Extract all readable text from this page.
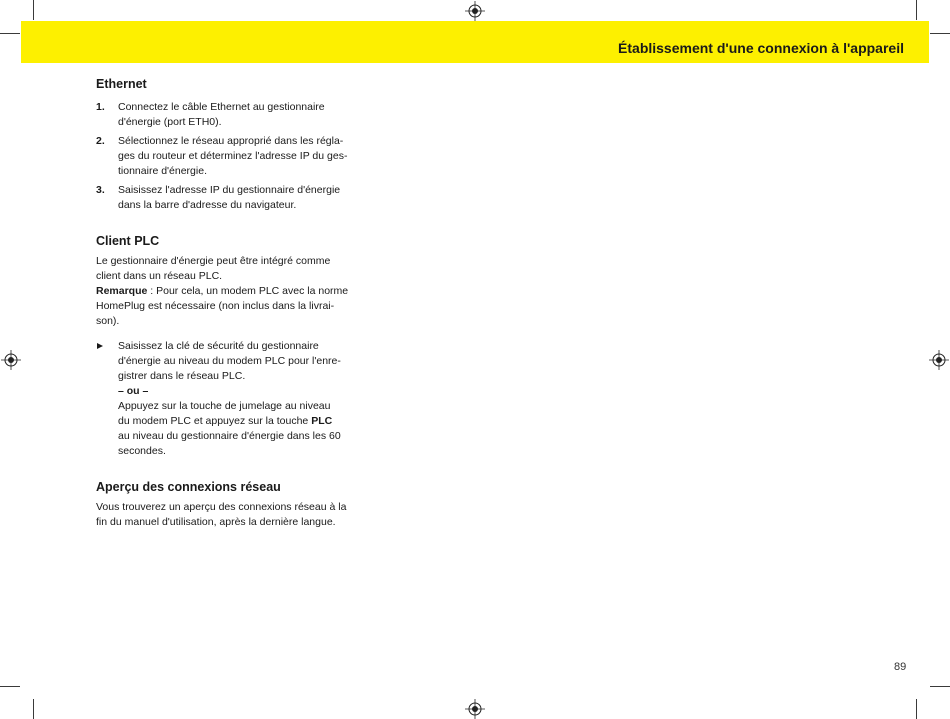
Établissement d'une connexion à l'appareil

Ethernet

1. Connectez le câble Ethernet au gestionnaire
d'énergie (port ETH0).
2. Sélectionnez le réseau approprié dans les régla-
ges du routeur et déterminez l'adresse IP du ges-
tionnaire d'énergie.
3. Saisissez l'adresse IP du gestionnaire d'énergie
dans la barre d'adresse du navigateur.

Client PLC

Le gestionnaire d'énergie peut être intégré comme
client dans un réseau PLC.
Remarque : Pour cela, un modem PLC avec la norme
HomePlug est nécessaire (non inclus dans la livrai-
son).

Saisissez la clé de sécurité du gestionnaire
d'énergie au niveau du modem PLC pour l'enre-
gistrer dans le réseau PLC.
– ou –
Appuyez sur la touche de jumelage au niveau
du modem PLC et appuyez sur la touche PLC
au niveau du gestionnaire d'énergie dans les 60
secondes.

Aperçu des connexions réseau

Vous trouverez un aperçu des connexions réseau à la
fin du manuel d'utilisation, après la dernière langue.

89
